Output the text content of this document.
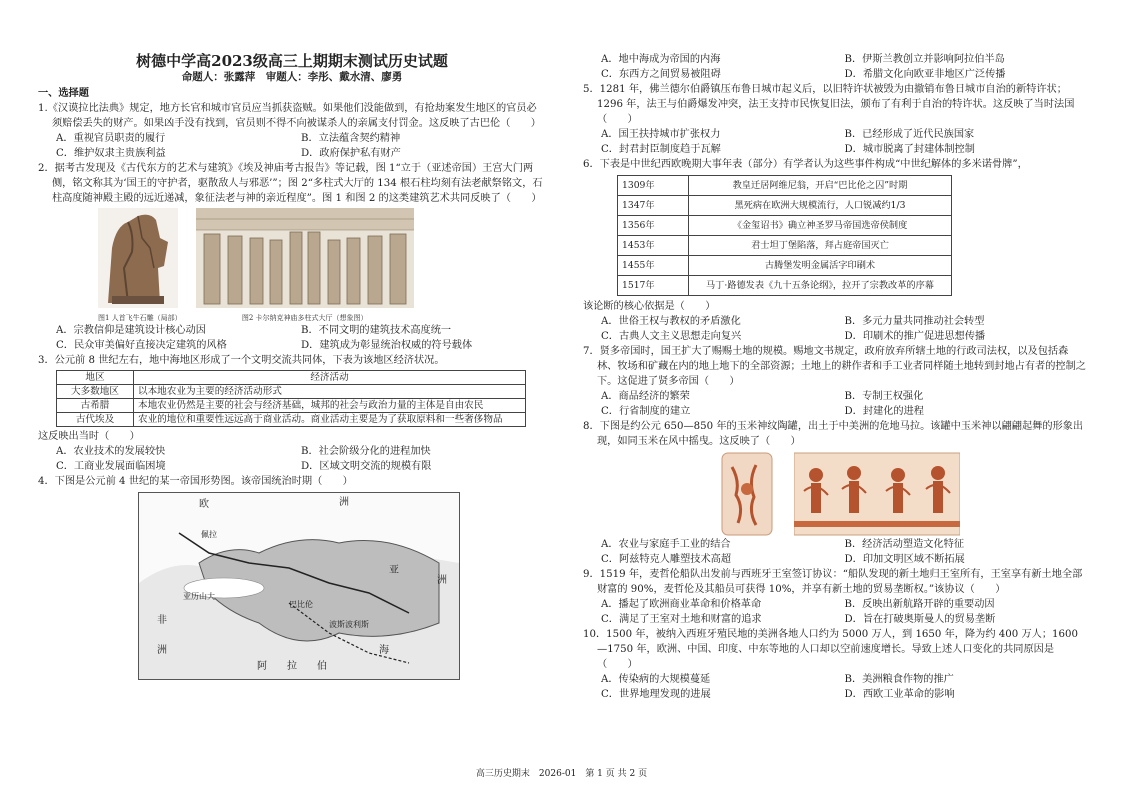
树德中学高2023级高三上期期末测试历史试题
命题人：张露萍　审题人：李彤、戴水清、廖勇
一、选择题
1.《汉谟拉比法典》规定，地方长官和城市官员应当抓获盗贼。如果他们没能做到，有抢劫案发生地区的官员必须赔偿丢失的财产。如果凶手没有找到，官员则不得不向被谋杀人的亲属支付罚金。这反映了古巴伦（　　）
A．重视官员职责的履行	B．立法蕴含契约精神
C．维护奴隶主贵族利益	D．政府保护私有财产
2．据考古发现及《古代东方的艺术与建筑》《埃及神庙考古报告》等记载，图 1“立于（亚述帝国）王宫大门两侧，铭文称其为‘国王的守护者，驱散敌人与邪恶’”；图 2“多柱式大厅的 134 根石柱均刻有法老献祭铭文，石柱高度随神殿主殿的远近递减，象征法老与神的亲近程度”。图 1 和图 2 的这类建筑艺术共同反映了（　　）
图1 人首飞牛石雕（局部）	图2 卡尔纳克神庙多柱式大厅（想象图）
A．宗教信仰是建筑设计核心动因	B．不同文明的建筑技术高度统一
C．民众审美偏好直接决定建筑的风格	D．建筑成为彰显统治权威的符号载体
3．公元前 8 世纪左右，地中海地区形成了一个文明交流共同体，下表为该地区经济状况。
地区	经济活动
大多数地区	以本地农业为主要的经济活动形式
古希腊	本地农业仍然是主要的社会与经济基础，城邦的社会与政治力量的主体是自由农民
古代埃及	农业的地位和重要性远远高于商业活动。商业活动主要是为了获取原料和一些奢侈物品
这反映出当时（　　）
A．农业技术的发展较快	B．社会阶级分化的进程加快
C．工商业发展面临困境	D．区域文明交流的规模有限
4．下图是公元前 4 世纪的某一帝国形势图。该帝国统治时期（　　）
欧	洲
洲
亚
非
洲
阿 拉 伯
海
巴比伦
亚历山大
佩拉
波斯波利斯
A．地中海成为帝国的内海	B．伊斯兰教创立并影响阿拉伯半岛
C．东西方之间贸易被阻碍	D．希腊文化向欧亚非地区广泛传播
5．1281 年，佛兰德尔伯爵镇压布鲁日城市起义后，以旧特许状被毁为由撤销布鲁日城市自治的新特许状；1296 年，法王与伯爵爆发冲突，法王支持市民恢复旧法，颁布了有利于自治的特许状。这反映了当时法国（　　）
A．国王扶持城市扩张权力	B．已经形成了近代民族国家
C．封君封臣制度趋于瓦解	D．城市脱离了封建体制控制
6．下表是中世纪西欧晚期大事年表（部分）有学者认为这些事件构成“中世纪解体的多米诺骨牌”，
1309年	教皇迁居阿维尼翁，开启“巴比伦之囚”时期
1347年	黑死病在欧洲大规模流行，人口锐减约1/3
1356年	《金玺诏书》确立神圣罗马帝国选帝侯制度
1453年	君士坦丁堡陷落，拜占庭帝国灭亡
1455年	古腾堡发明金属活字印刷术
1517年	马丁·路德发表《九十五条论纲》，拉开了宗教改革的序幕
该论断的核心依据是（　　）
A．世俗王权与教权的矛盾激化	B．多元力量共同推动社会转型
C．古典人文主义思想走向复兴	D．印刷术的推广促进思想传播
7．贤多帝国时，国王扩大了赐赐土地的规模。赐地文书规定，政府放弃所辖土地的行政司法权，以及包括森林、牧场和矿藏在内的地上地下的全部资源；土地上的耕作者和手工业者同样随土地转到封地占有者的控制之下。这促进了贤多帝国（　　）
A．商品经济的繁荣	B．专制王权强化
C．行省制度的建立	D．封建化的进程
8．下图是约公元 650—850 年的玉米神纹陶罐，出土于中美洲的危地马拉。该罐中玉米神以翩翩起舞的形象出现，如同玉米在风中摇曳。这反映了（　　）
A．农业与家庭手工业的结合	B．经济活动塑造文化特征
C．阿兹特克人雕塑技术高超	D．印加文明区域不断拓展
9．1519 年，麦哲伦船队出发前与西班牙王室签订协议：“船队发现的新土地归王室所有，王室享有新土地全部财富的 90%，麦哲伦及其船员可获得 10%，并享有新土地的贸易垄断权。”该协议（　　）
A．播起了欧洲商业革命和价格革命	B．反映出新航路开辟的重要动因
C．满足了王室对土地和财富的追求	D．旨在打破奥斯曼人的贸易垄断
10．1500 年，被纳入西班牙殖民地的美洲各地人口约为 5000 万人，到 1650 年，降为约 400 万人；1600—1750 年，欧洲、中国、印度、中东等地的人口却以空前速度增长。导致上述人口变化的共同原因是（　　）
A．传染病的大规模蔓延	B．美洲粮食作物的推广
C．世界地理发现的进展	D．西欧工业革命的影响
高三历史期末　2026-01　第 1 页 共 2 页
